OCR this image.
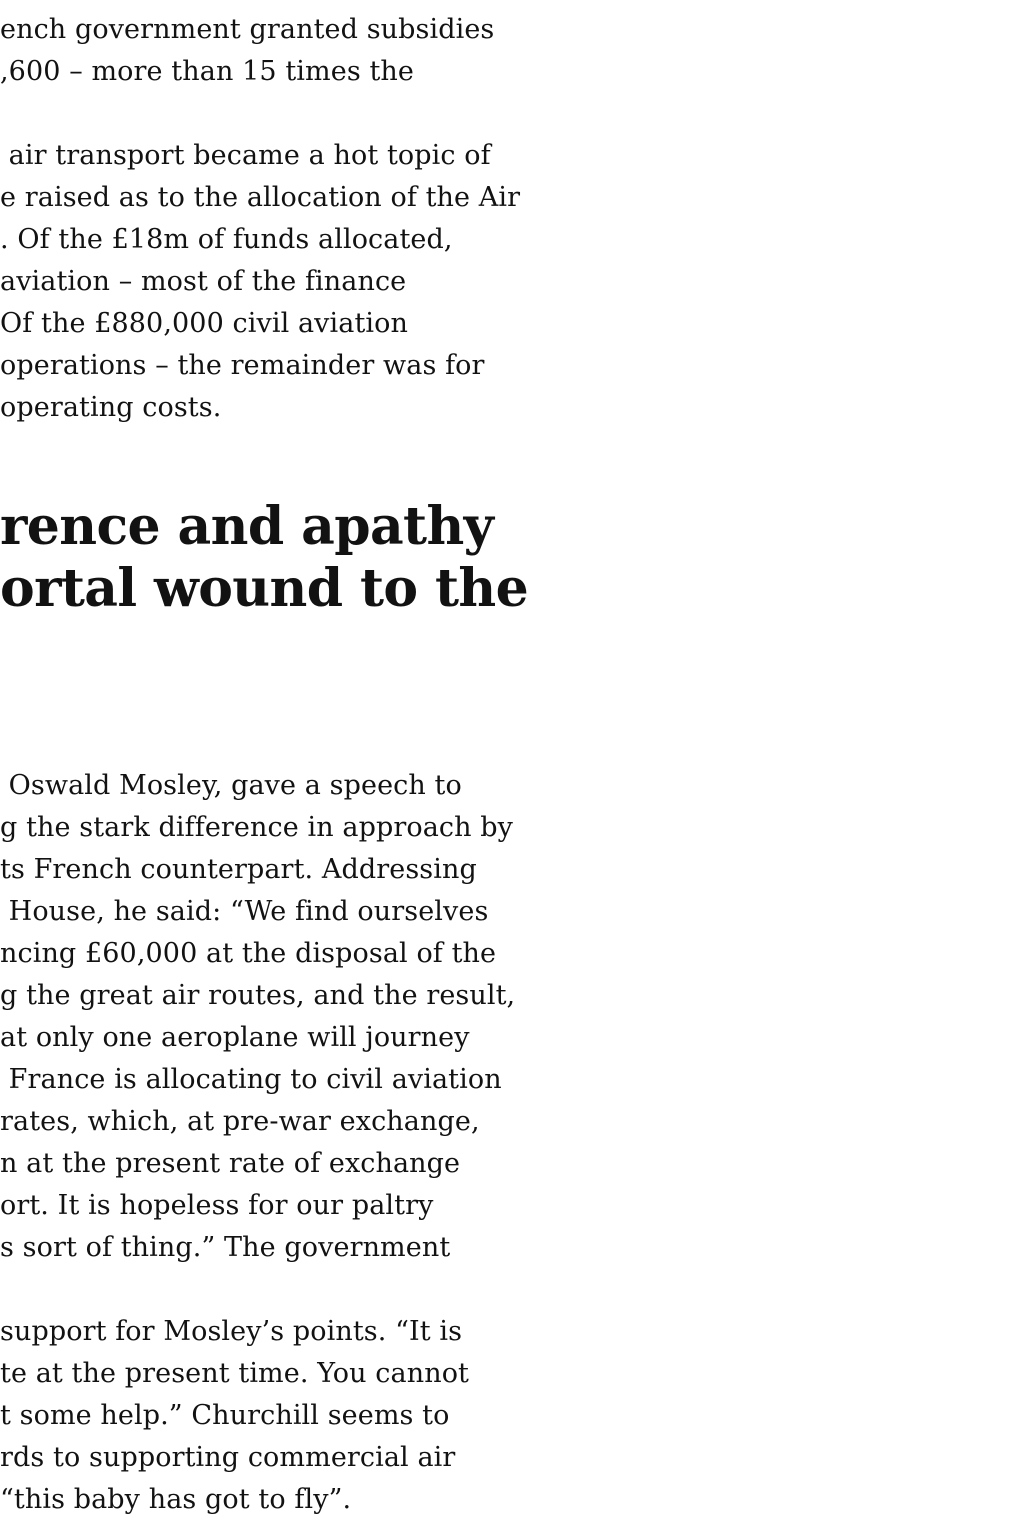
ench government granted subsidies
,600 – more than 15 times the
air transport became a hot topic of
e raised as to the allocation of the Air
. Of the £18m of funds allocated,
aviation – most of the finance
Of the £880,000 civil aviation
operations – the remainder was for
operating costs.
rence and apathy
ortal wound to the
Oswald Mosley, gave a speech to
g the stark difference in approach by
ts French counterpart. Addressing
House, he said: “We find ourselves
ncing £60,000 at the disposal of the
g the great air routes, and the result,
at only one aeroplane will journey
France is allocating to civil aviation
rates, which, at pre-war exchange,
n at the present rate of exchange
ort. It is hopeless for our paltry
s sort of thing.” The government
support for Mosley’s points. “It is
te at the present time. You cannot
t some help.” Churchill seems to
rds to supporting commercial air
“this baby has got to fly”.
